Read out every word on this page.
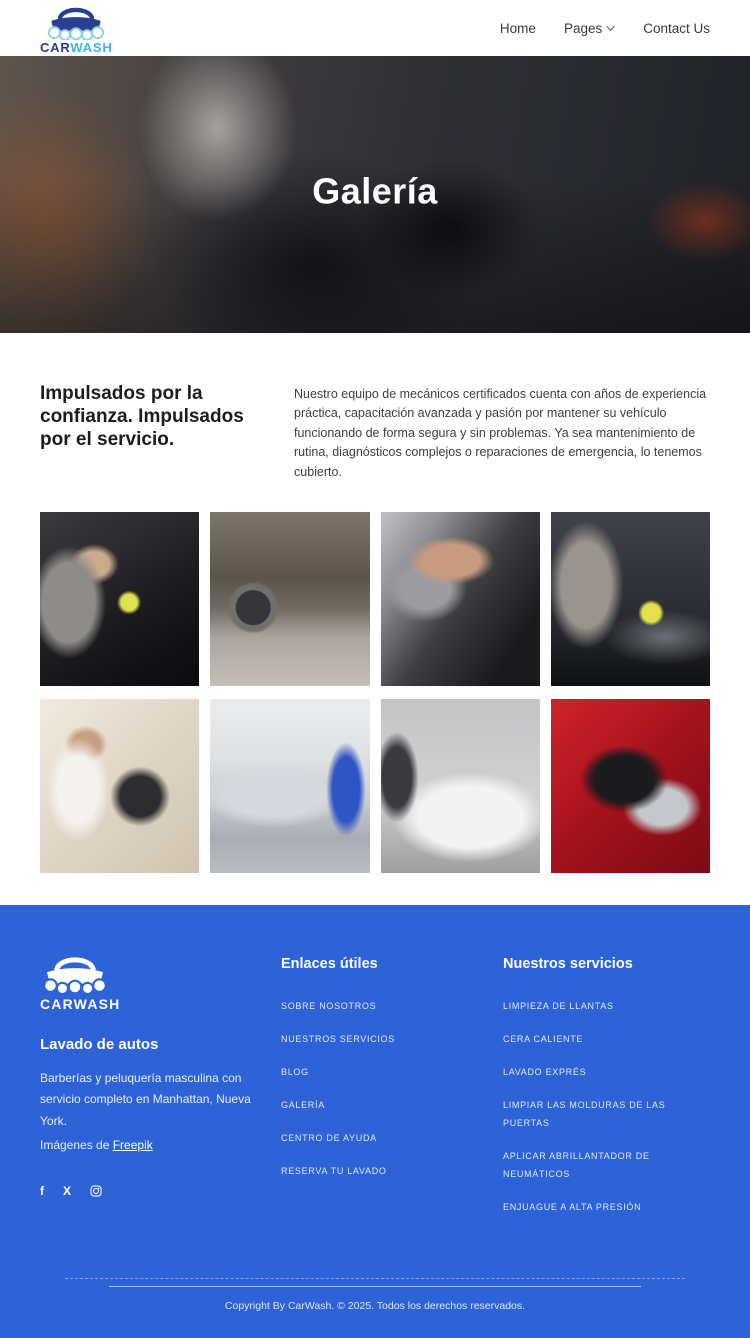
CARWASH
Home Pages	Contact Us
Galería
Impulsados por la confianza. Impulsados por el servicio.

Nuestro equipo de mecánicos certificados cuenta con años de experiencia práctica, capacitación avanzada y pasión por mantener su vehículo funcionando de forma segura y sin problemas. Ya sea mantenimiento de rutina, diagnósticos complejos o reparaciones de emergencia, lo tenemos cubierto.

CARWASH
Lavado de autos

Barberías y peluquería masculina con servicio completo en Manhattan, Nueva York.

Imágenes de Freepik

f X
Enlaces útiles
SOBRE NOSOTROS
NUESTROS SERVICIOS
BLOG
GALERÍA
CENTRO DE AYUDA
RESERVA TU LAVADO
Nuestros servicios
LIMPIEZA DE LLANTAS
CERA CALIENTE
LAVADO EXPRÉS
LIMPIAR LAS MOLDURAS DE LAS PUERTAS
APLICAR ABRILLANTADOR DE NEUMÁTICOS
ENJUAGUE A ALTA PRESIÓN

Copyright By CarWash. © 2025. Todos los derechos reservados.
